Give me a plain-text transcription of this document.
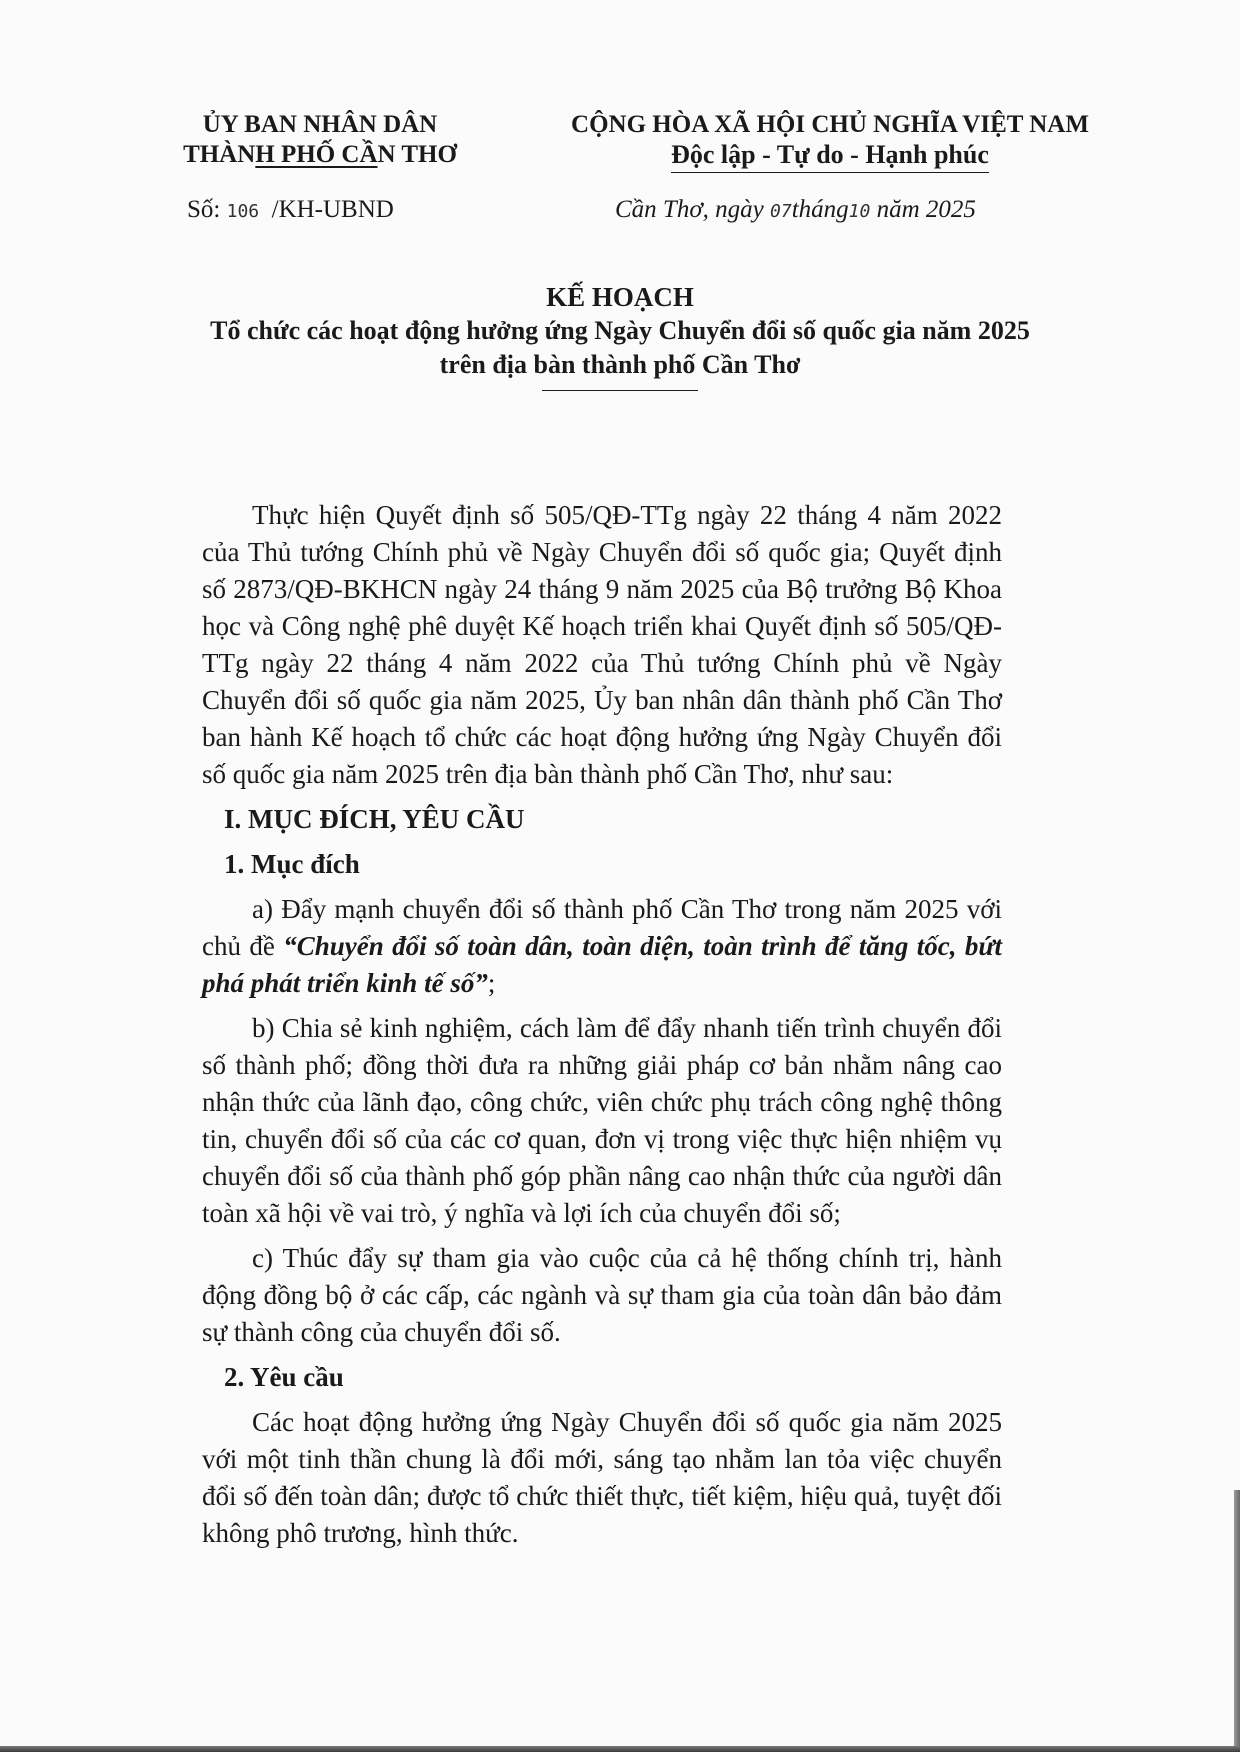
ỦY BAN NHÂN DÂN
THÀNH PHỐ CẦN THƠ
CỘNG HÒA XÃ HỘI CHỦ NGHĨA VIỆT NAM
Độc lập - Tự do - Hạnh phúc
Số: 106 /KH-UBND	Cần Thơ, ngày 07tháng10 năm 2025
KẾ HOẠCH
Tổ chức các hoạt động hưởng ứng Ngày Chuyển đổi số quốc gia năm 2025
trên địa bàn thành phố Cần Thơ

Thực hiện Quyết định số 505/QĐ-TTg ngày 22 tháng 4 năm 2022 của Thủ tướng Chính phủ về Ngày Chuyển đổi số quốc gia; Quyết định số 2873/QĐ-BKHCN ngày 24 tháng 9 năm 2025 của Bộ trưởng Bộ Khoa học và Công nghệ phê duyệt Kế hoạch triển khai Quyết định số 505/QĐ-TTg ngày 22 tháng 4 năm 2022 của Thủ tướng Chính phủ về Ngày Chuyển đổi số quốc gia năm 2025, Ủy ban nhân dân thành phố Cần Thơ ban hành Kế hoạch tổ chức các hoạt động hưởng ứng Ngày Chuyển đổi số quốc gia năm 2025 trên địa bàn thành phố Cần Thơ, như sau:

I. MỤC ĐÍCH, YÊU CẦU
1. Mục đích

a) Đẩy mạnh chuyển đổi số thành phố Cần Thơ trong năm 2025 với chủ đề “Chuyển đổi số toàn dân, toàn diện, toàn trình để tăng tốc, bứt phá phát triển kinh tế số”;

b) Chia sẻ kinh nghiệm, cách làm để đẩy nhanh tiến trình chuyển đổi số thành phố; đồng thời đưa ra những giải pháp cơ bản nhằm nâng cao nhận thức của lãnh đạo, công chức, viên chức phụ trách công nghệ thông tin, chuyển đổi số của các cơ quan, đơn vị trong việc thực hiện nhiệm vụ chuyển đổi số của thành phố góp phần nâng cao nhận thức của người dân toàn xã hội về vai trò, ý nghĩa và lợi ích của chuyển đổi số;

c) Thúc đẩy sự tham gia vào cuộc của cả hệ thống chính trị, hành động đồng bộ ở các cấp, các ngành và sự tham gia của toàn dân bảo đảm sự thành công của chuyển đổi số.

2. Yêu cầu

Các hoạt động hưởng ứng Ngày Chuyển đổi số quốc gia năm 2025 với một tinh thần chung là đổi mới, sáng tạo nhằm lan tỏa việc chuyển đổi số đến toàn dân; được tổ chức thiết thực, tiết kiệm, hiệu quả, tuyệt đối không phô trương, hình thức.
